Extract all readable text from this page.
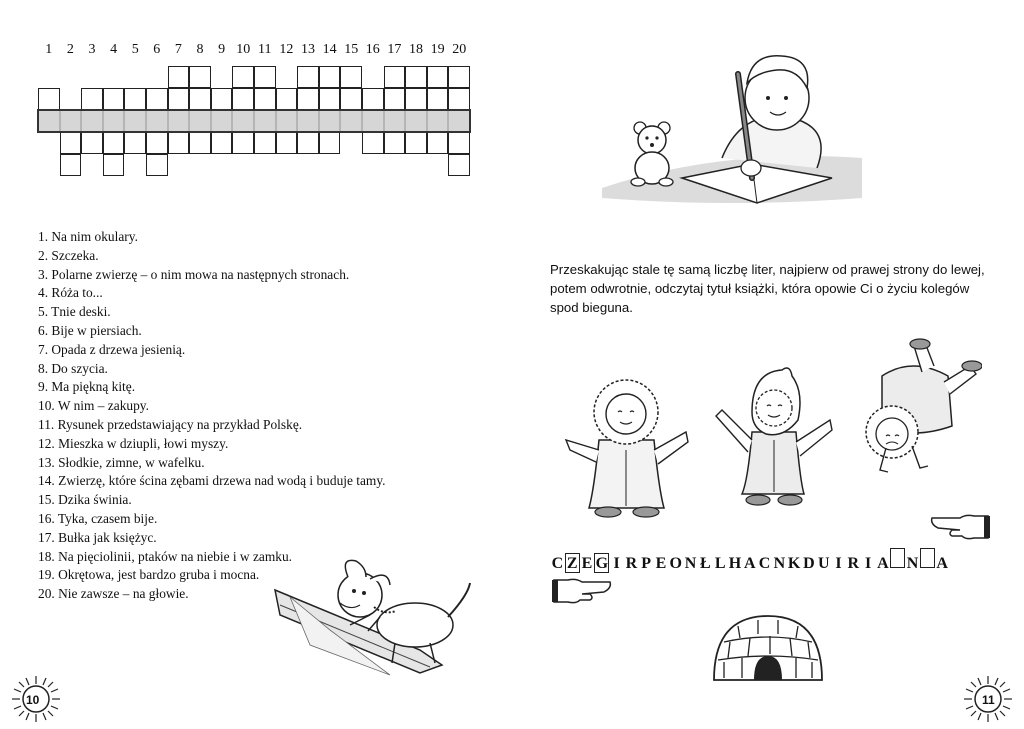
1	2	3	4	5	6	7	8	9 10 11 12 13 14 15 16 17 18 19 20
1. Na nim okulary.
2. Szczeka.
3. Polarne zwierzę – o nim mowa na następnych stronach.
4. Róża to...
5. Tnie deski.
6. Bije w piersiach.
7. Opada z drzewa jesienią.
8. Do szycia.
9. Ma piękną kitę.
10. W nim – zakupy.
11. Rysunek przedstawiający na przykład Polskę.
12. Mieszka w dziupli, łowi myszy.
13. Słodkie, zimne, w wafelku.
14. Zwierzę, które ścina zębami drzewa nad wodą i buduje tamy.
15. Dzika świnia.
16. Tyka, czasem bije.
17. Bułka jak księżyc.
18. Na pięciolinii, ptaków na niebie i w zamku.
19. Okrętowa, jest bardzo gruba i mocna.
20. Nie zawsze – na głowie.
10
Przeskakując stale tę samą liczbę liter, najpierw od prawej strony do lewej, potem odwrotnie, odczytaj tytuł książki, która opowie Ci o życiu kolegów spod bieguna.
C Z E G I R P E O N Ł L H A C N K D U I R I A N A
11
